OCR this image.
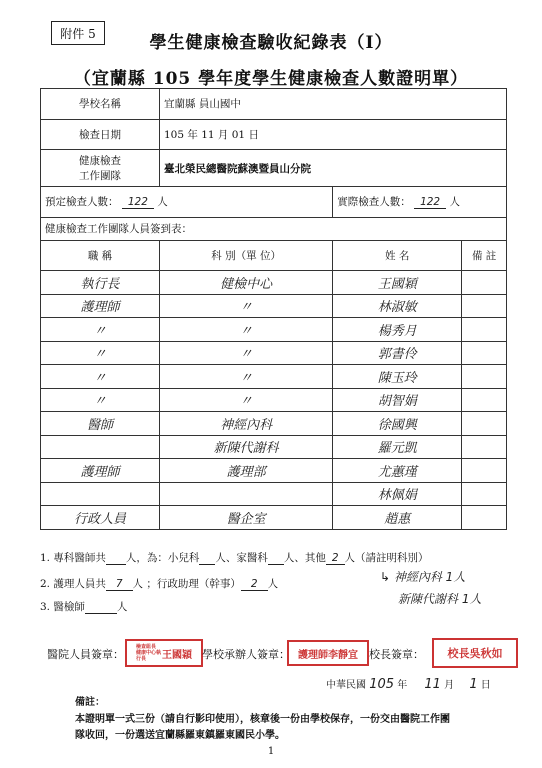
附件 5	學生健康檢查驗收紀錄表（I）
（宜蘭縣 105 學年度學生健康檢查人數證明單）
學校名稱	宜蘭縣 員山國中		
檢查日期	105 年 11 月 01 日		

健康檢查
工作團隊	臺北榮民總醫院蘇澳暨員山分院		
預定檢查人數： 122 人		實際檢查人數： 122 人	
健康檢查工作團隊人員簽到表：			
職 稱	科 別（單 位）	姓 名	備 註
執行長	健檢中心	王國穎	
護理師	〃	林淑敏	
〃	〃	楊秀月	
〃	〃	郭書伶	
〃	〃	陳玉玲	
〃	〃	胡智娟	
醫師	神經內科	徐國興	
	新陳代謝科	羅元凱	
護理師	護理部	尤蕙瑾	
		林佩娟	
行政人員	醫企室	趙惠	
1. 專科醫師共 人，為：小兒科 人、家醫科 人、其他 2 人（請註明科別）
↳ 神經內科 1人
新陳代謝科 1人
2. 護理人員共 7 人 ；行政助理（幹事） 2 人
3. 醫檢師	人
醫院人員簽章：
檢查組長 健康中心執行長	王國穎 學校承辦人簽章： 護理師李靜宜	校長簽章：	校長吳秋如
中華民國 105 年 11 月 1 日
備註：
本證明單一式三份（請自行影印使用），核章後一份由學校保存，一份交由醫院工作團
隊收回，一份選送宜蘭縣羅東鎮羅東國民小學。
1
